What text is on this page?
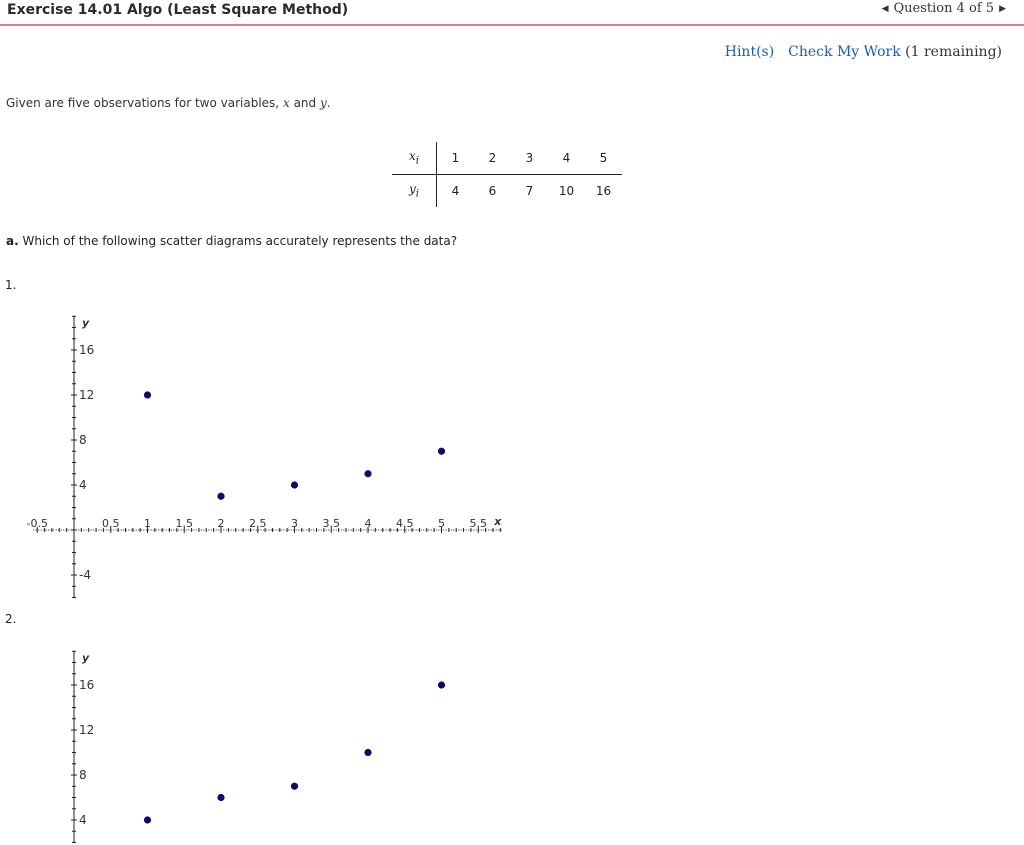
Exercise 14.01 Algo (Least Square Method)	◀ Question 4 of 5 ▶
Hint(s) Check My Work (1 remaining)
Given are five observations for two variables, x and y.
$x_i$	1	2	3	4	5
$y_i$	4	6	7	10	16
a. Which of the following scatter diagrams accurately represents the data?
1.
16
12
8
4
-4
y
-0.5	0.5 1 1.5 2 2.5 3 3.5 4 4.5 5 5.5 x
2.
16
12
8
4
y
